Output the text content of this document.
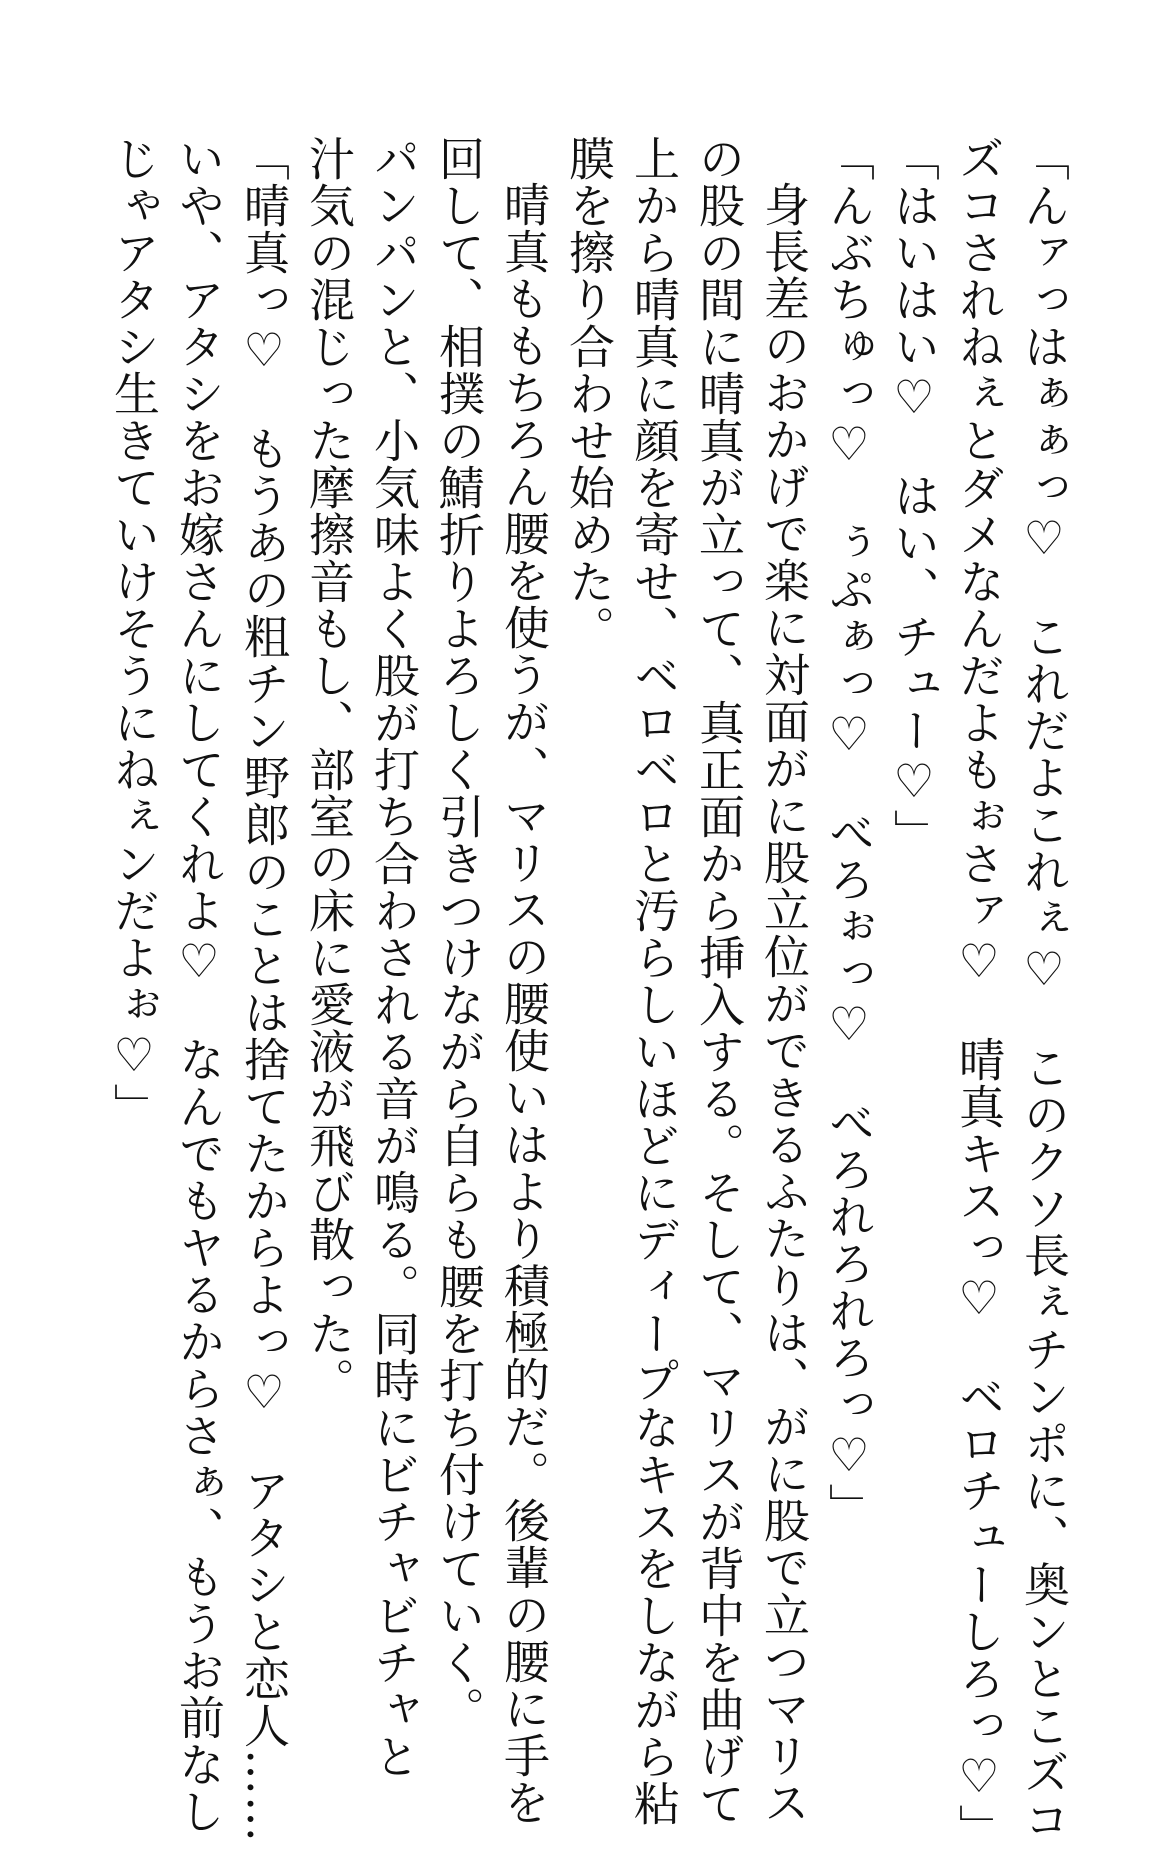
「んァっはぁぁっ♡　これだよこれぇ♡　このクソ長ぇチンポに、奥ンとこズコ
ズコされねぇとダメなんだよもぉさァ♡　晴真キスっ♡　ベロチューしろっ♡」
「はいはい♡　はい、チュー♡」
「んぶちゅっ♡　ぅぷぁっ♡　べろぉっ♡　べろれろれろっ♡」
身長差のおかげで楽に対面がに股立位ができるふたりは、がに股で立つマリス
の股の間に晴真が立って、真正面から挿入する。そして、マリスが背中を曲げて
上から晴真に顔を寄せ、ベロベロと汚らしいほどにディープなキスをしながら粘
膜を擦り合わせ始めた。
晴真ももちろん腰を使うが、マリスの腰使いはより積極的だ。後輩の腰に手を
回して、相撲の鯖折りよろしく引きつけながら自らも腰を打ち付けていく。
パンパンと、小気味よく股が打ち合わされる音が鳴る。同時にビチャビチャと
汁気の混じった摩擦音もし、部室の床に愛液が飛び散った。
「晴真っ♡　もうあの粗チン野郎のことは捨てたからよっ♡　アタシと恋人……
いや、アタシをお嫁さんにしてくれよ♡　なんでもヤるからさぁ、もうお前なし
じゃアタシ生きていけそうにねぇンだよぉ♡」
